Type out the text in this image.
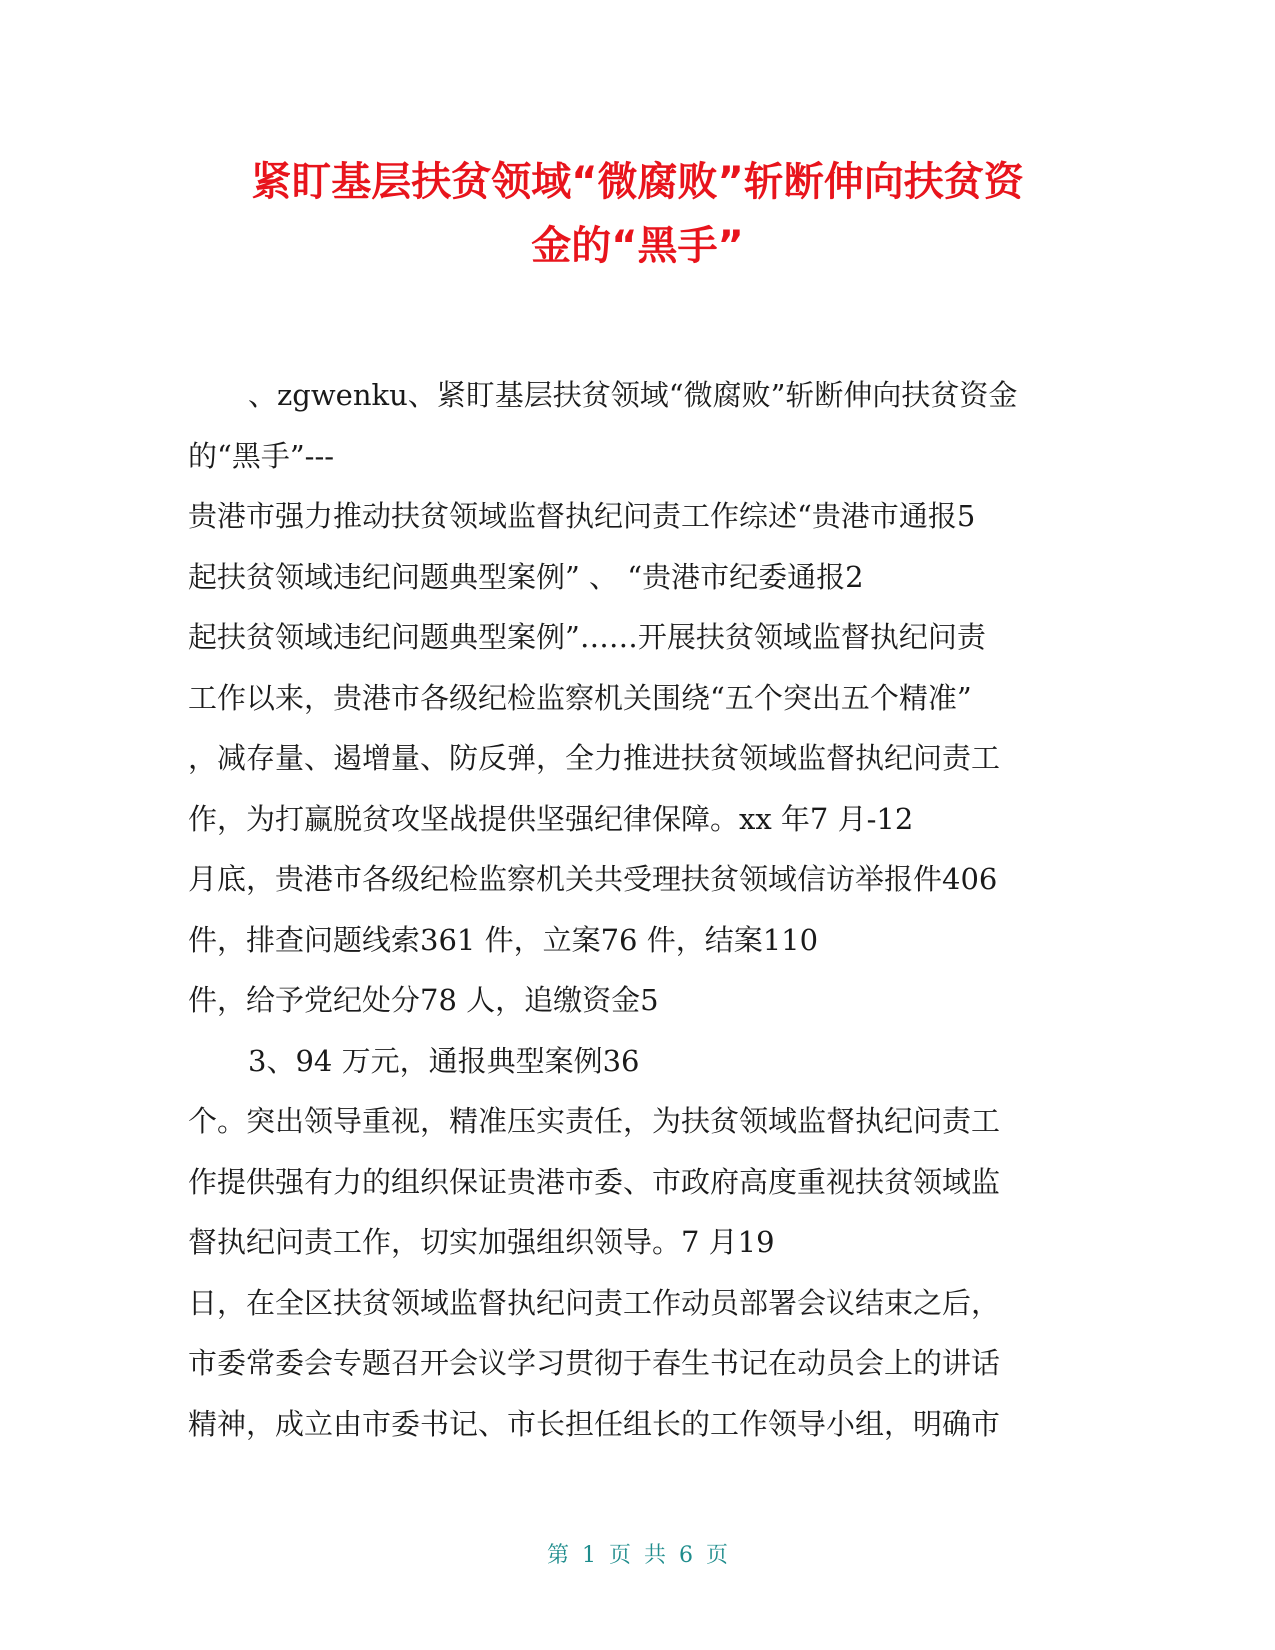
紧盯基层扶贫领域“微腐败”斩断伸向扶贫资
金的“黑手”
、zgwenku、紧盯基层扶贫领域“微腐败”斩断伸向扶贫资金
的“黑手”---
贵港市强力推动扶贫领域监督执纪问责工作综述“贵港市通报5
起扶贫领域违纪问题典型案例” 、 “贵港市纪委通报2
起扶贫领域违纪问题典型案例”……开展扶贫领域监督执纪问责
工作以来，贵港市各级纪检监察机关围绕“五个突出五个精准”
，减存量、遏增量、防反弹，全力推进扶贫领域监督执纪问责工
作，为打赢脱贫攻坚战提供坚强纪律保障。xx 年7 月-12
月底，贵港市各级纪检监察机关共受理扶贫领域信访举报件406
件，排查问题线索361 件，立案76 件，结案110
件，给予党纪处分78 人，追缴资金5
3、94 万元，通报典型案例36
个。突出领导重视，精准压实责任，为扶贫领域监督执纪问责工
作提供强有力的组织保证贵港市委、市政府高度重视扶贫领域监
督执纪问责工作，切实加强组织领导。7 月19
日，在全区扶贫领域监督执纪问责工作动员部署会议结束之后，
市委常委会专题召开会议学习贯彻于春生书记在动员会上的讲话
精神，成立由市委书记、市长担任组长的工作领导小组，明确市
第 1 页 共 6 页
